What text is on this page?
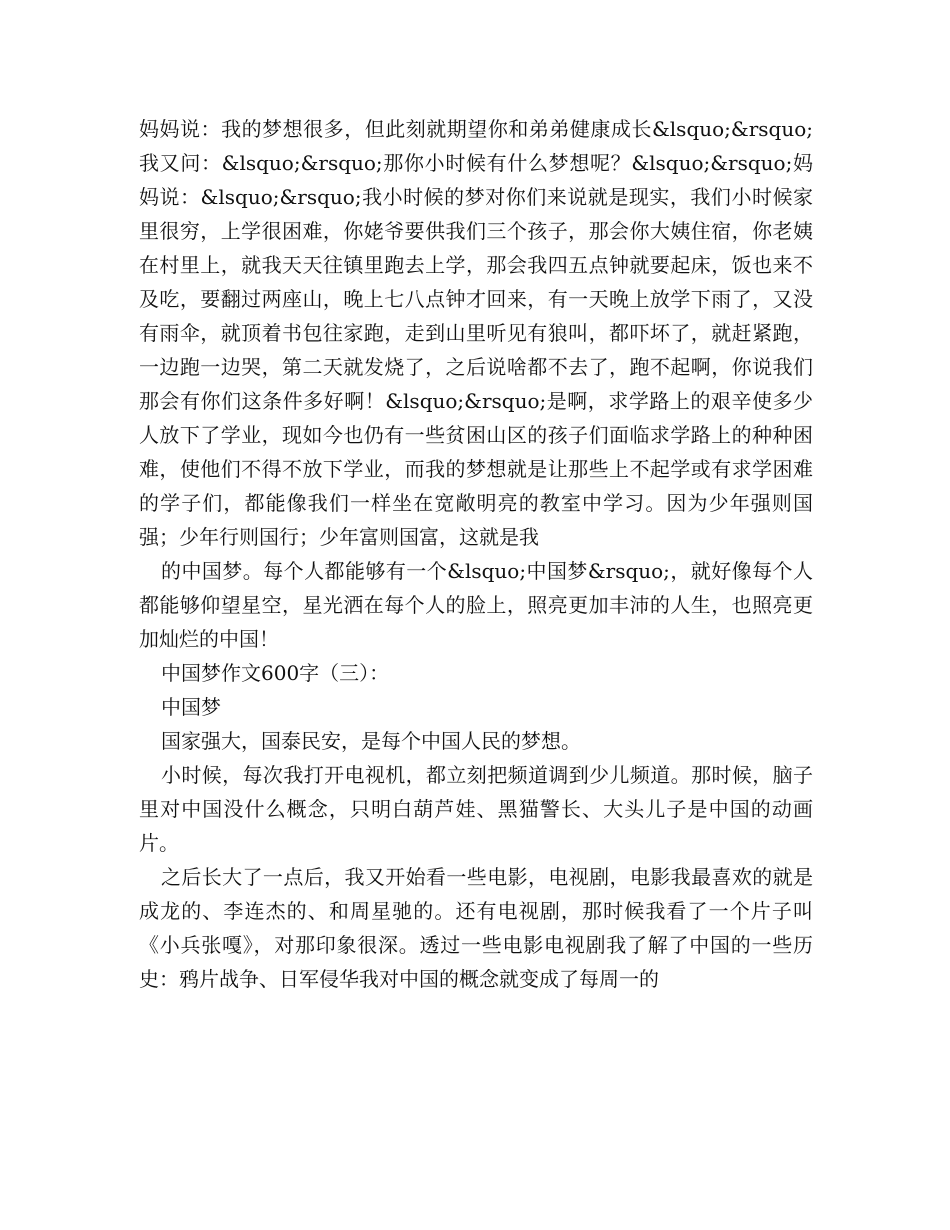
妈妈说：我的梦想很多，但此刻就期望你和弟弟健康成长&lsquo;&rsquo;我又问：&lsquo;&rsquo;那你小时候有什么梦想呢？&lsquo;&rsquo;妈妈说：&lsquo;&rsquo;我小时候的梦对你们来说就是现实，我们小时候家里很穷，上学很困难，你姥爷要供我们三个孩子，那会你大姨住宿，你老姨在村里上，就我天天往镇里跑去上学，那会我四五点钟就要起床，饭也来不及吃，要翻过两座山，晚上七八点钟才回来，有一天晚上放学下雨了，又没有雨伞，就顶着书包往家跑，走到山里听见有狼叫，都吓坏了，就赶紧跑，一边跑一边哭，第二天就发烧了，之后说啥都不去了，跑不起啊，你说我们那会有你们这条件多好啊！&lsquo;&rsquo;是啊，求学路上的艰辛使多少人放下了学业，现如今也仍有一些贫困山区的孩子们面临求学路上的种种困难，使他们不得不放下学业，而我的梦想就是让那些上不起学或有求学困难的学子们，都能像我们一样坐在宽敞明亮的教室中学习。因为少年强则国强；少年行则国行；少年富则国富，这就是我

的中国梦。每个人都能够有一个&lsquo;中国梦&rsquo;，就好像每个人都能够仰望星空，星光洒在每个人的脸上，照亮更加丰沛的人生，也照亮更加灿烂的中国！

中国梦作文600字（三）：

中国梦

国家强大，国泰民安，是每个中国人民的梦想。

小时候，每次我打开电视机，都立刻把频道调到少儿频道。那时候，脑子里对中国没什么概念，只明白葫芦娃、黑猫警长、大头儿子是中国的动画片。

之后长大了一点后，我又开始看一些电影，电视剧，电影我最喜欢的就是成龙的、李连杰的、和周星驰的。还有电视剧，那时候我看了一个片子叫《小兵张嘎》，对那印象很深。透过一些电影电视剧我了解了中国的一些历史：鸦片战争、日军侵华我对中国的概念就变成了每周一的
